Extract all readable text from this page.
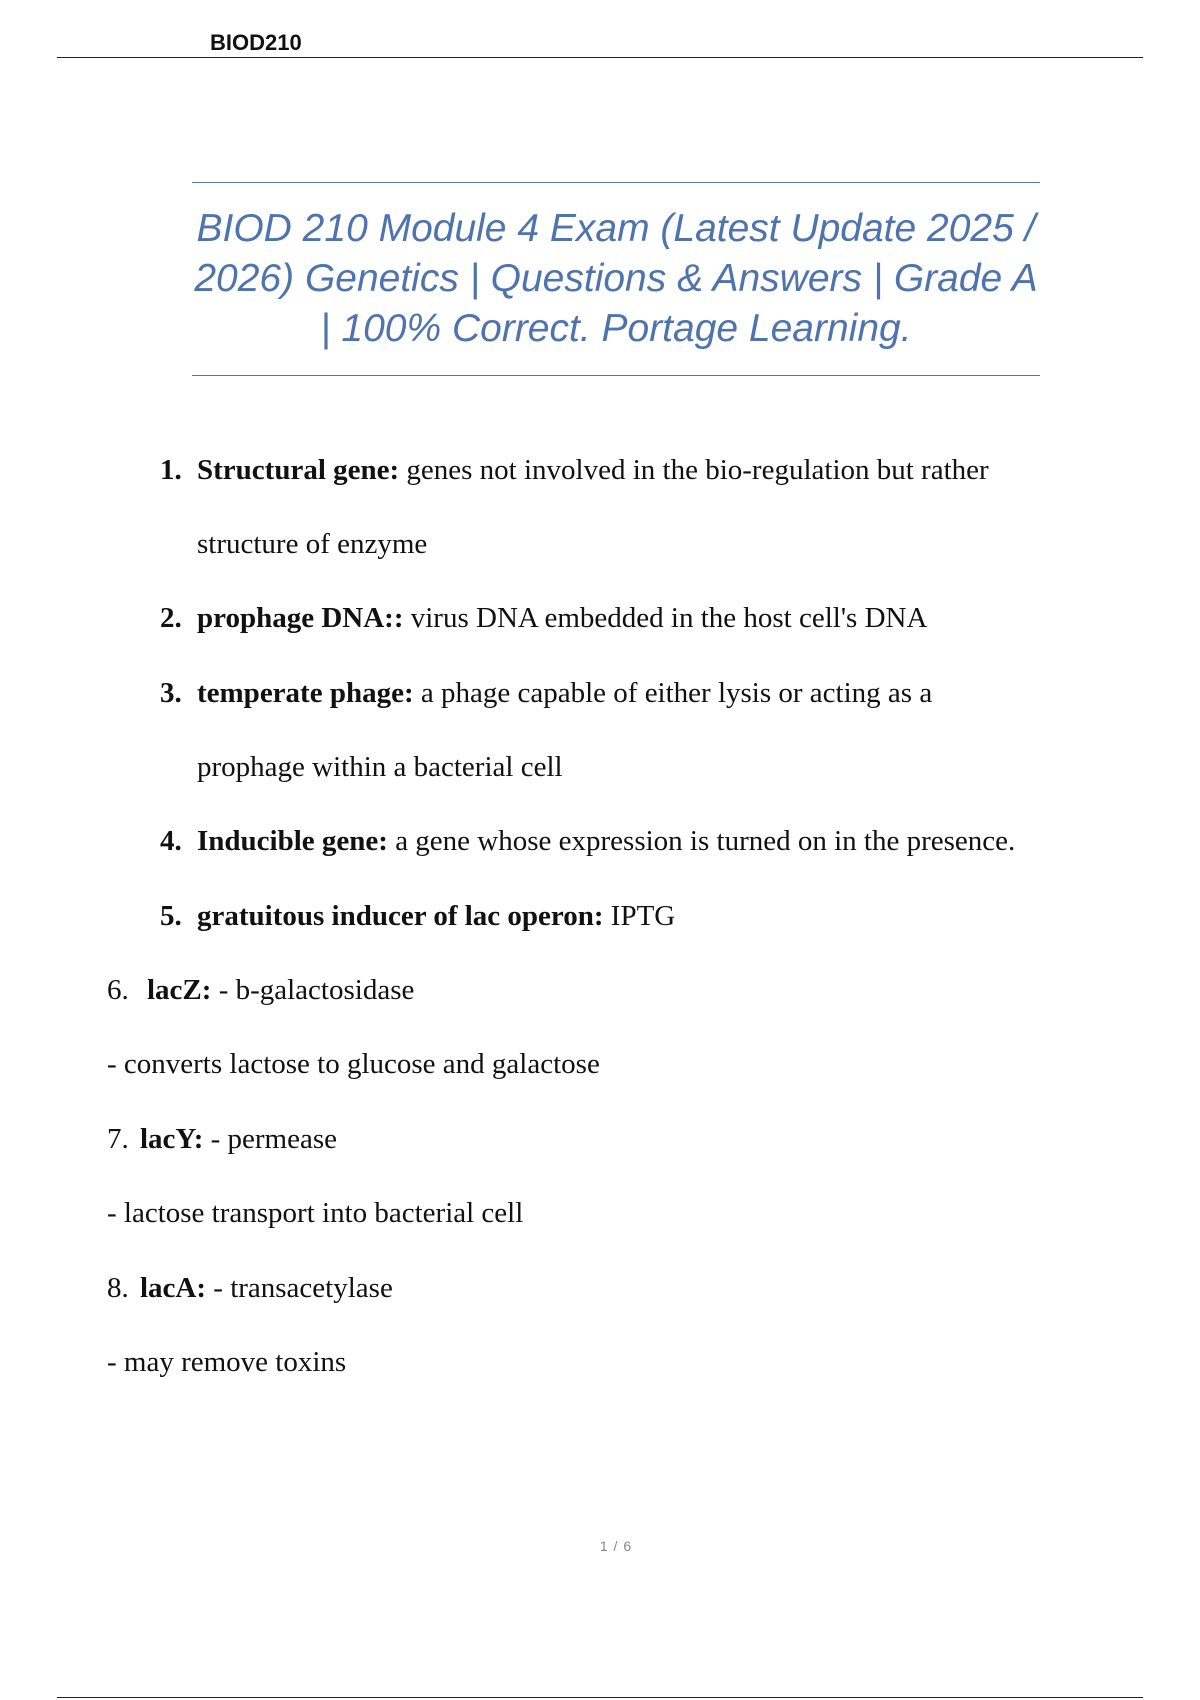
BIOD210
BIOD 210 Module 4 Exam (Latest Update 2025 / 2026) Genetics | Questions & Answers | Grade A | 100% Correct. Portage Learning.
1. Structural gene: genes not involved in the bio-regulation but rather
structure of enzyme
2. prophage DNA:: virus DNA embedded in the host cell's DNA
3. temperate phage: a phage capable of either lysis or acting as a
prophage within a bacterial cell
4. Inducible gene: a gene whose expression is turned on in the presence.
5. gratuitous inducer of lac operon: IPTG
6. lacZ: - b-galactosidase
- converts lactose to glucose and galactose
7. lacY: - permease
- lactose transport into bacterial cell
8. lacA: - transacetylase
- may remove toxins
1 / 6
